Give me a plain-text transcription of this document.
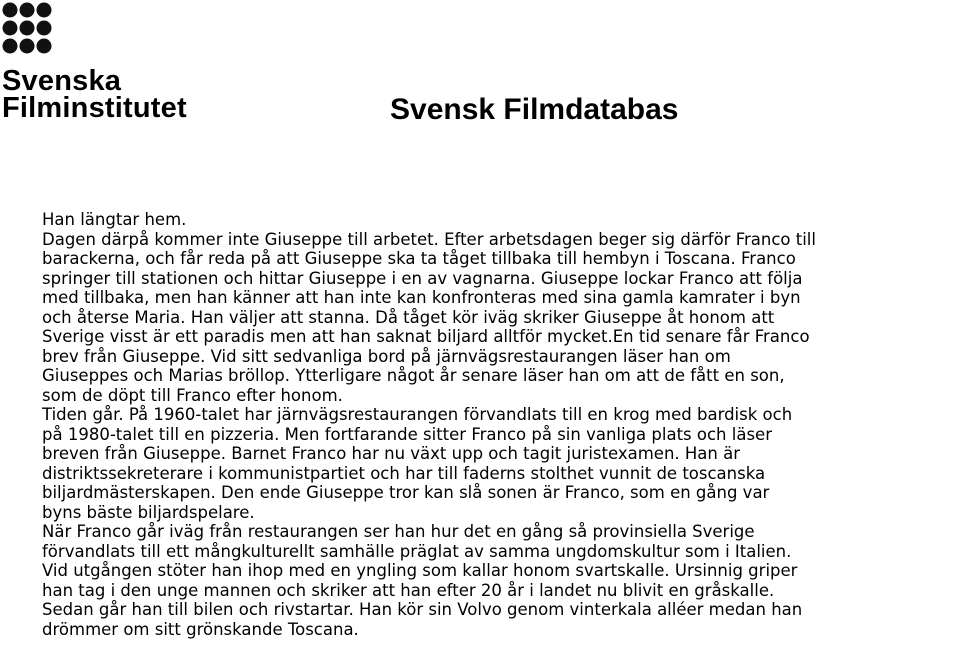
Svenska
Filminstitutet	Svensk Filmdatabas
Han längtar hem.
Dagen därpå kommer inte Giuseppe till arbetet. Efter arbetsdagen beger sig därför Franco till
barackerna, och får reda på att Giuseppe ska ta tåget tillbaka till hembyn i Toscana. Franco
springer till stationen och hittar Giuseppe i en av vagnarna. Giuseppe lockar Franco att följa
med tillbaka, men han känner att han inte kan konfronteras med sina gamla kamrater i byn
och återse Maria. Han väljer att stanna. Då tåget kör iväg skriker Giuseppe åt honom att
Sverige visst är ett paradis men att han saknat biljard alltför mycket.En tid senare får Franco
brev från Giuseppe. Vid sitt sedvanliga bord på järnvägsrestaurangen läser han om
Giuseppes och Marias bröllop. Ytterligare något år senare läser han om att de fått en son,
som de döpt till Franco efter honom.
Tiden går. På 1960-talet har järnvägsrestaurangen förvandlats till en krog med bardisk och
på 1980-talet till en pizzeria. Men fortfarande sitter Franco på sin vanliga plats och läser
breven från Giuseppe. Barnet Franco har nu växt upp och tagit juristexamen. Han är
distriktssekreterare i kommunistpartiet och har till faderns stolthet vunnit de toscanska
biljardmästerskapen. Den ende Giuseppe tror kan slå sonen är Franco, som en gång var
byns bäste biljardspelare.
När Franco går iväg från restaurangen ser han hur det en gång så provinsiella Sverige
förvandlats till ett mångkulturellt samhälle präglat av samma ungdomskultur som i Italien.
Vid utgången stöter han ihop med en yngling som kallar honom svartskalle. Ursinnig griper
han tag i den unge mannen och skriker att han efter 20 år i landet nu blivit en gråskalle.
Sedan går han till bilen och rivstartar. Han kör sin Volvo genom vinterkala alléer medan han
drömmer om sitt grönskande Toscana.
